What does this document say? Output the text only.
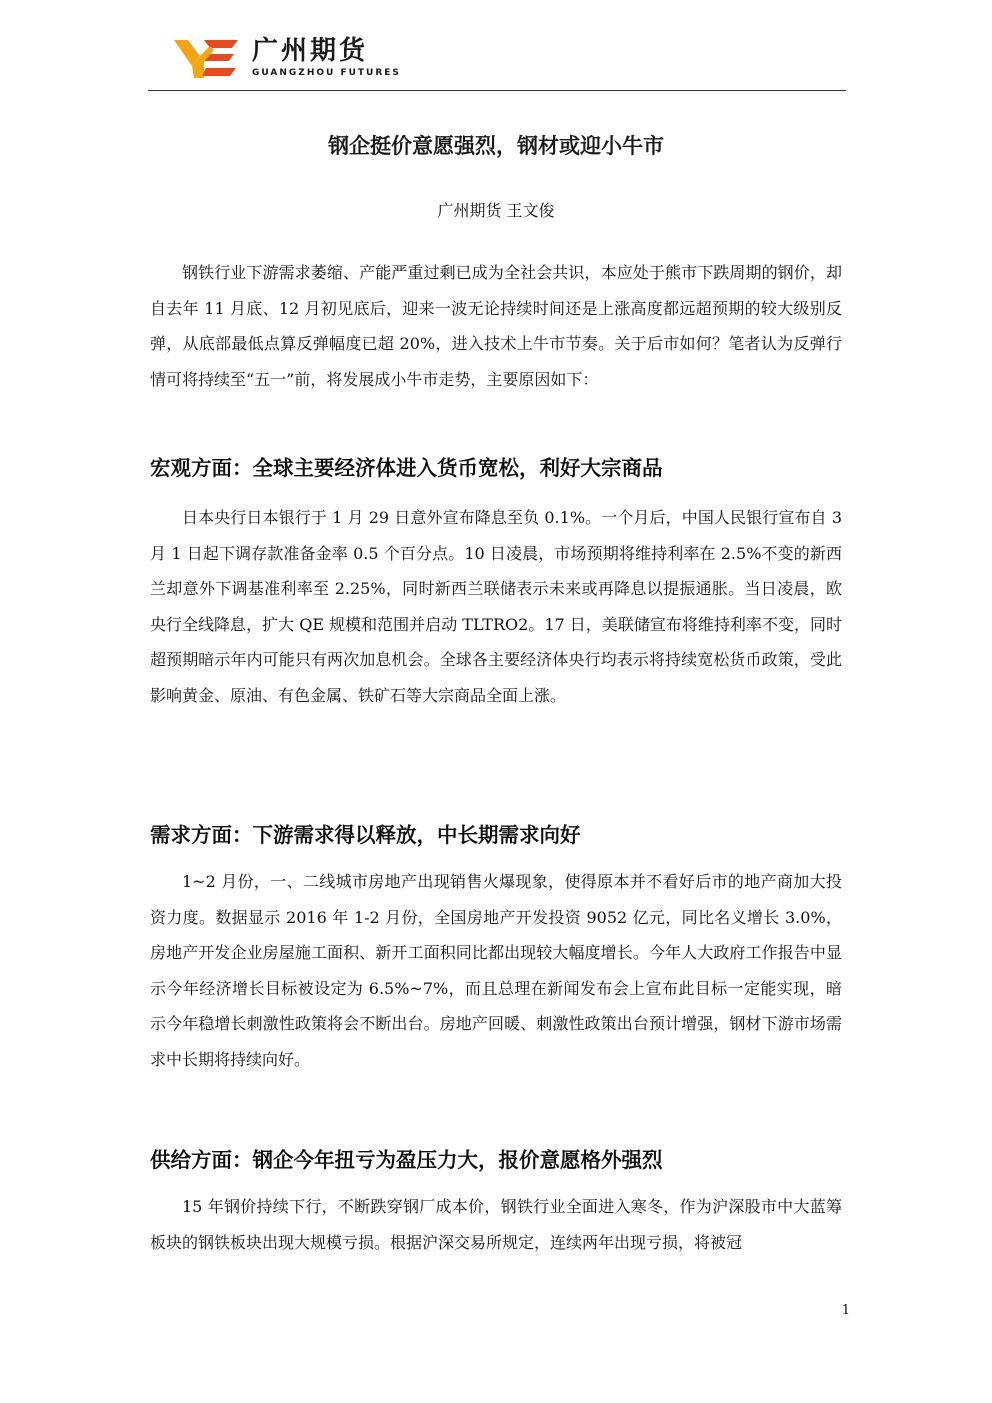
广州期货
GUANGZHOU FUTURES
钢企挺价意愿强烈，钢材或迎小牛市
广州期货 王文俊

钢铁行业下游需求萎缩、产能严重过剩已成为全社会共识，本应处于熊市下跌周期的钢价，却自去年 11 月底、12 月初见底后，迎来一波无论持续时间还是上涨高度都远超预期的较大级别反弹，从底部最低点算反弹幅度已超 20%，进入技术上牛市节奏。关于后市如何？笔者认为反弹行情可将持续至“五一”前，将发展成小牛市走势，主要原因如下：

宏观方面：全球主要经济体进入货币宽松，利好大宗商品

日本央行日本银行于 1 月 29 日意外宣布降息至负 0.1%。一个月后，中国人民银行宣布自 3 月 1 日起下调存款准备金率 0.5 个百分点。10 日凌晨，市场预期将维持利率在 2.5%不变的新西兰却意外下调基准利率至 2.25%，同时新西兰联储表示未来或再降息以提振通胀。当日凌晨，欧央行全线降息，扩大 QE 规模和范围并启动 TLTRO2。17 日，美联储宣布将维持利率不变，同时超预期暗示年内可能只有两次加息机会。全球各主要经济体央行均表示将持续宽松货币政策，受此影响黄金、原油、有色金属、铁矿石等大宗商品全面上涨。

需求方面：下游需求得以释放，中长期需求向好

1~2 月份，一、二线城市房地产出现销售火爆现象，使得原本并不看好后市的地产商加大投资力度。数据显示 2016 年 1-2 月份，全国房地产开发投资 9052 亿元，同比名义增长 3.0%，房地产开发企业房屋施工面积、新开工面积同比都出现较大幅度增长。今年人大政府工作报告中显示今年经济增长目标被设定为 6.5%~7%，而且总理在新闻发布会上宣布此目标一定能实现，暗示今年稳增长刺激性政策将会不断出台。房地产回暖、刺激性政策出台预计增强，钢材下游市场需求中长期将持续向好。

供给方面：钢企今年扭亏为盈压力大，报价意愿格外强烈

15 年钢价持续下行，不断跌穿钢厂成本价，钢铁行业全面进入寒冬，作为沪深股市中大蓝筹板块的钢铁板块出现大规模亏损。根据沪深交易所规定，连续两年出现亏损，将被冠

1
